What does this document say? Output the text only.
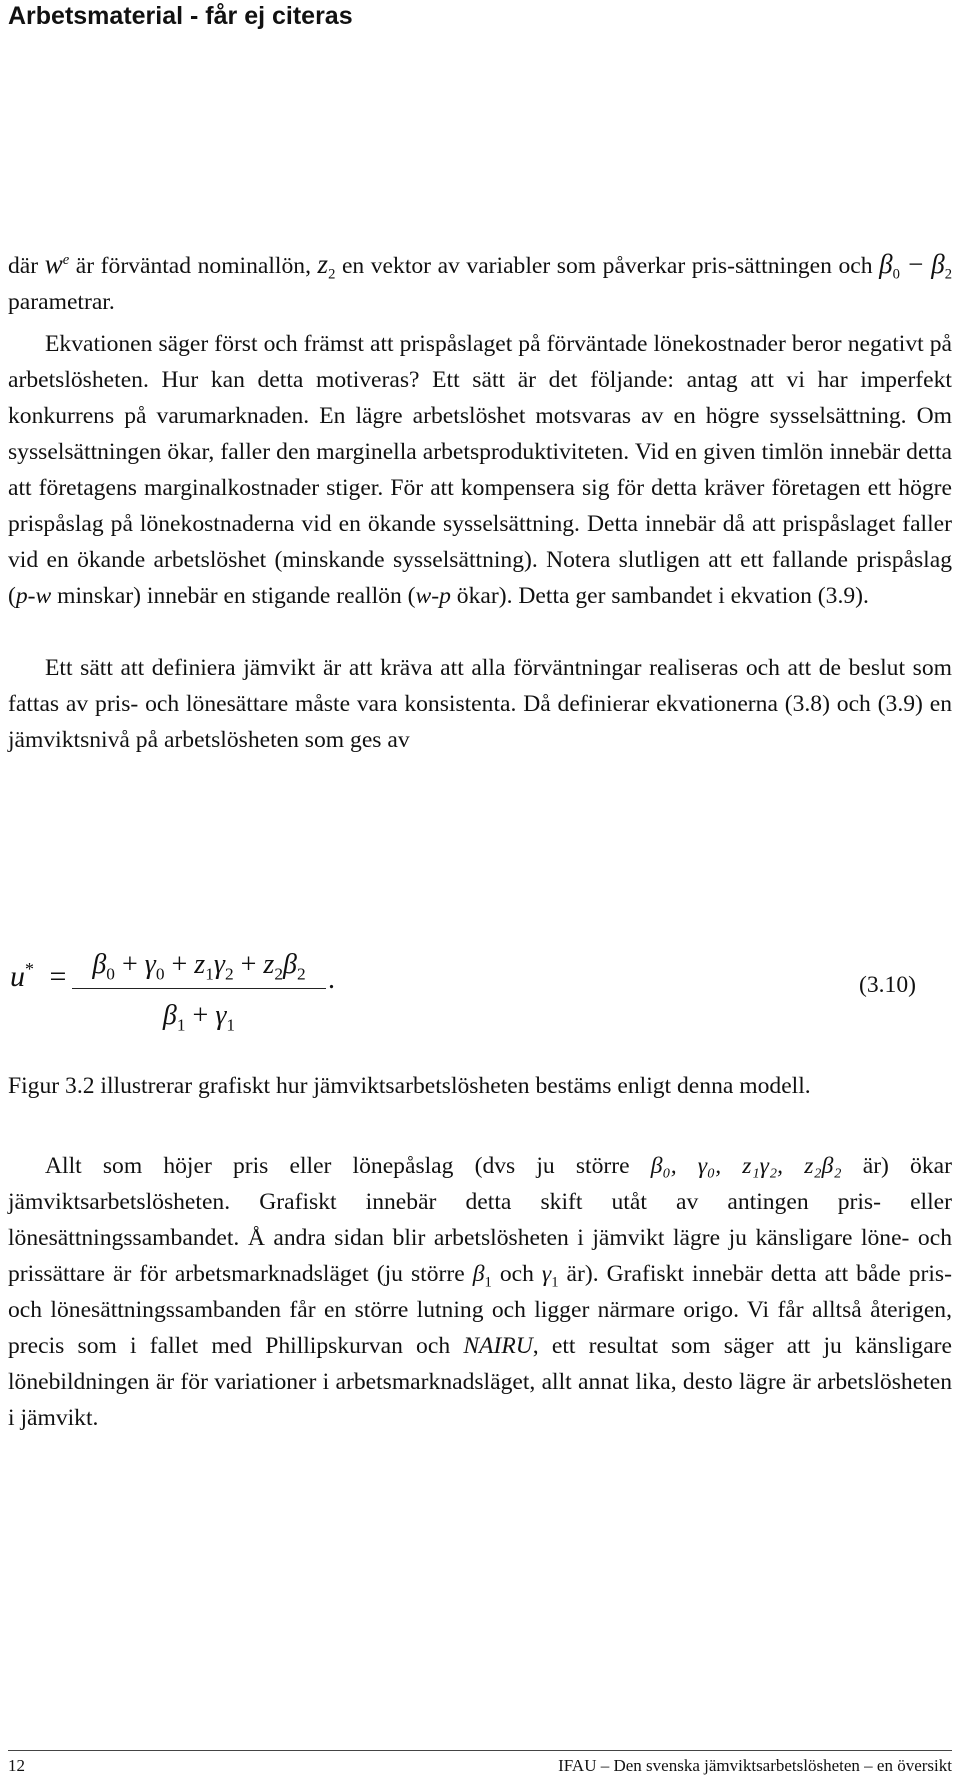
Arbetsmaterial - får ej citeras

där $w^e$ är förväntad nominallön, $z_2$ en vektor av variabler som påverkar pris-sättningen och $\beta_0 - \beta_2$ parametrar.

Ekvationen säger först och främst att prispåslaget på förväntade lönekostnader beror negativt på arbetslösheten. Hur kan detta motiveras? Ett sätt är det följande: antag att vi har imperfekt konkurrens på varumarknaden. En lägre arbetslöshet motsvaras av en högre sysselsättning. Om sysselsättningen ökar, faller den marginella arbetsproduktiviteten. Vid en given timlön innebär detta att företagens marginalkostnader stiger. För att kompensera sig för detta kräver företagen ett högre prispåslag på lönekostnaderna vid en ökande sysselsättning. Detta innebär då att prispåslaget faller vid en ökande arbetslöshet (minskande sysselsättning). Notera slutligen att ett fallande prispåslag (p-w minskar) innebär en stigande reallön (w-p ökar). Detta ger sambandet i ekvation (3.9).

Ett sätt att definiera jämvikt är att kräva att alla förväntningar realiseras och att de beslut som fattas av pris- och lönesättare måste vara konsistenta. Då definierar ekvationerna (3.8) och (3.9) en jämviktsnivå på arbetslösheten som ges av

$u^* = \beta_0 + \gamma_0 + z_1\gamma_2 + z_2\beta_2$
$\beta_1 + \gamma_1$
.	(3.10)

Figur 3.2 illustrerar grafiskt hur jämviktsarbetslösheten bestäms enligt denna modell.

Allt som höjer pris eller lönepåslag (dvs ju större β₀, γ₀, z₁γ₂, z₂β₂ är) ökar jämviktsarbetslösheten. Grafiskt innebär detta skift utåt av antingen pris- eller lönesättningssambandet. Å andra sidan blir arbetslösheten i jämvikt lägre ju känsligare löne- och prissättare är för arbetsmarknadsläget (ju större $\beta_1$ och $\gamma_1$ är). Grafiskt innebär detta att både pris- och lönesättningssambanden får en större lutning och ligger närmare origo. Vi får alltså återigen, precis som i fallet med Phillipskurvan och NAIRU, ett resultat som säger att ju känsligare lönebildningen är för variationer i arbetsmarknadsläget, allt annat lika, desto lägre är arbetslösheten i jämvikt.

12	IFAU – Den svenska jämviktsarbetslösheten – en översikt
